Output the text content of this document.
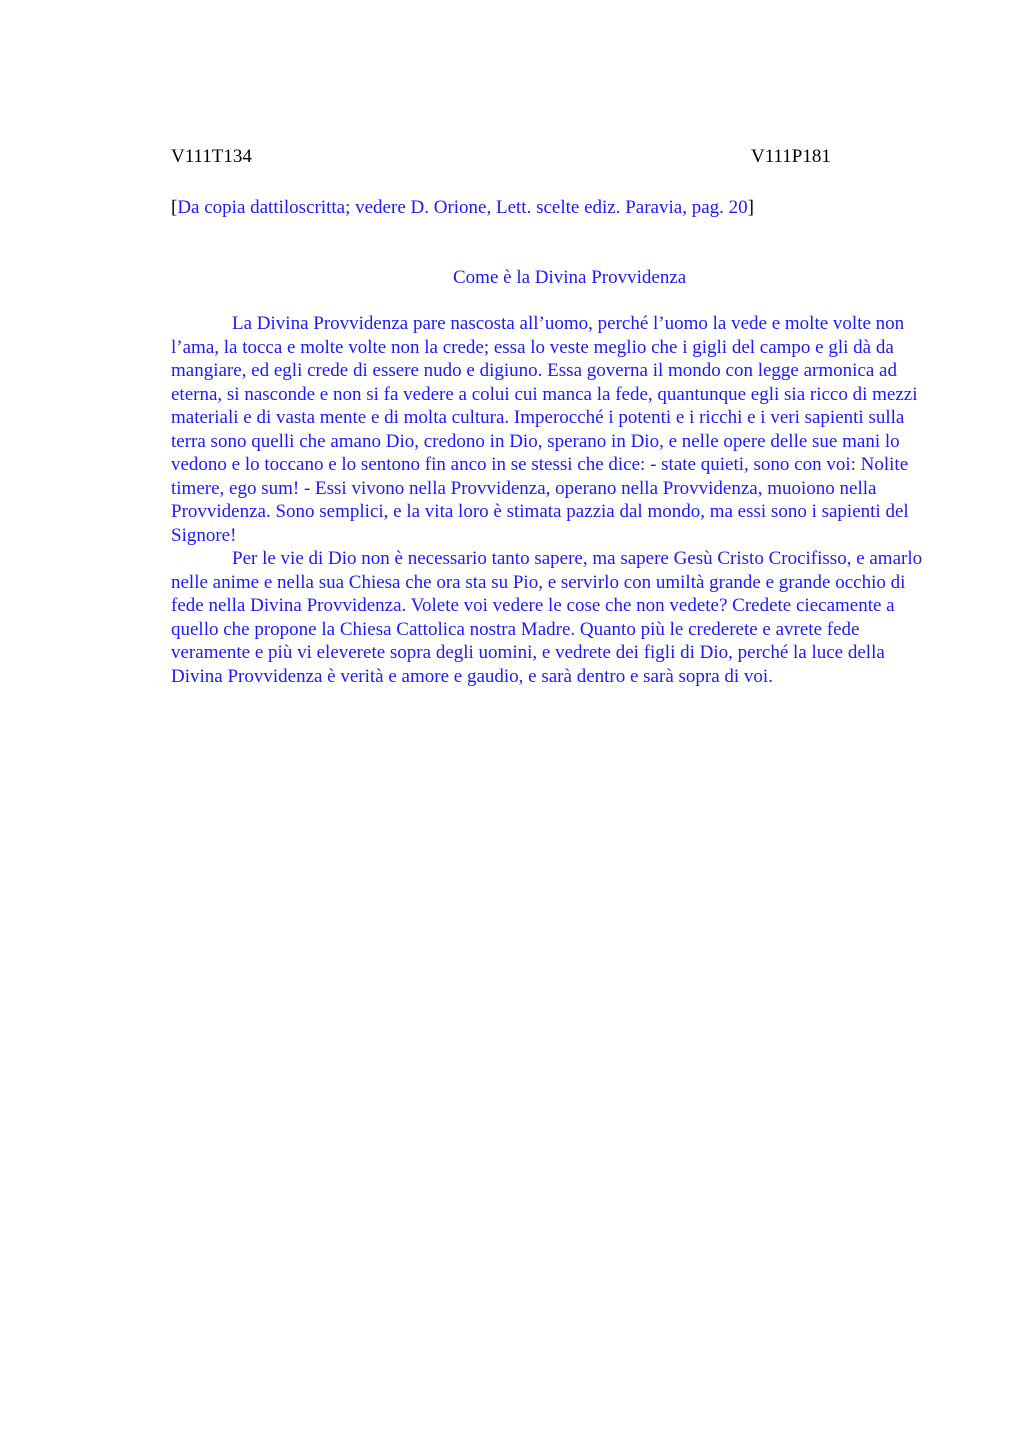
V111T134	V111P181
[Da copia dattiloscritta; vedere D. Orione, Lett. scelte ediz. Paravia, pag. 20]
Come è la Divina Provvidenza

La Divina Provvidenza pare nascosta all’uomo, perché l’uomo la vede e molte volte non l’ama, la tocca e molte volte non la crede; essa lo veste meglio che i gigli del campo e gli dà da mangiare, ed egli crede di essere nudo e digiuno. Essa governa il mondo con legge armonica ad eterna, si nasconde e non si fa vedere a colui cui manca la fede, quantunque egli sia ricco di mezzi materiali e di vasta mente e di molta cultura. Imperocché i potenti e i ricchi e i veri sapienti sulla terra sono quelli che amano Dio, credono in Dio, sperano in Dio, e nelle opere delle sue mani lo vedono e lo toccano e lo sentono fin anco in se stessi che dice: - state quieti, sono con voi: Nolite timere, ego sum! - Essi vivono nella Provvidenza, operano nella Provvidenza, muoiono nella Provvidenza. Sono semplici, e la vita loro è stimata pazzia dal mondo, ma essi sono i sapienti del Signore!

Per le vie di Dio non è necessario tanto sapere, ma sapere Gesù Cristo Crocifisso, e amarlo nelle anime e nella sua Chiesa che ora sta su Pio, e servirlo con umiltà grande e grande occhio di fede nella Divina Provvidenza. Volete voi vedere le cose che non vedete? Credete ciecamente a quello che propone la Chiesa Cattolica nostra Madre. Quanto più le crederete e avrete fede veramente e più vi eleverete sopra degli uomini, e vedrete dei figli di Dio, perché la luce della Divina Provvidenza è verità e amore e gaudio, e sarà dentro e sarà sopra di voi.
